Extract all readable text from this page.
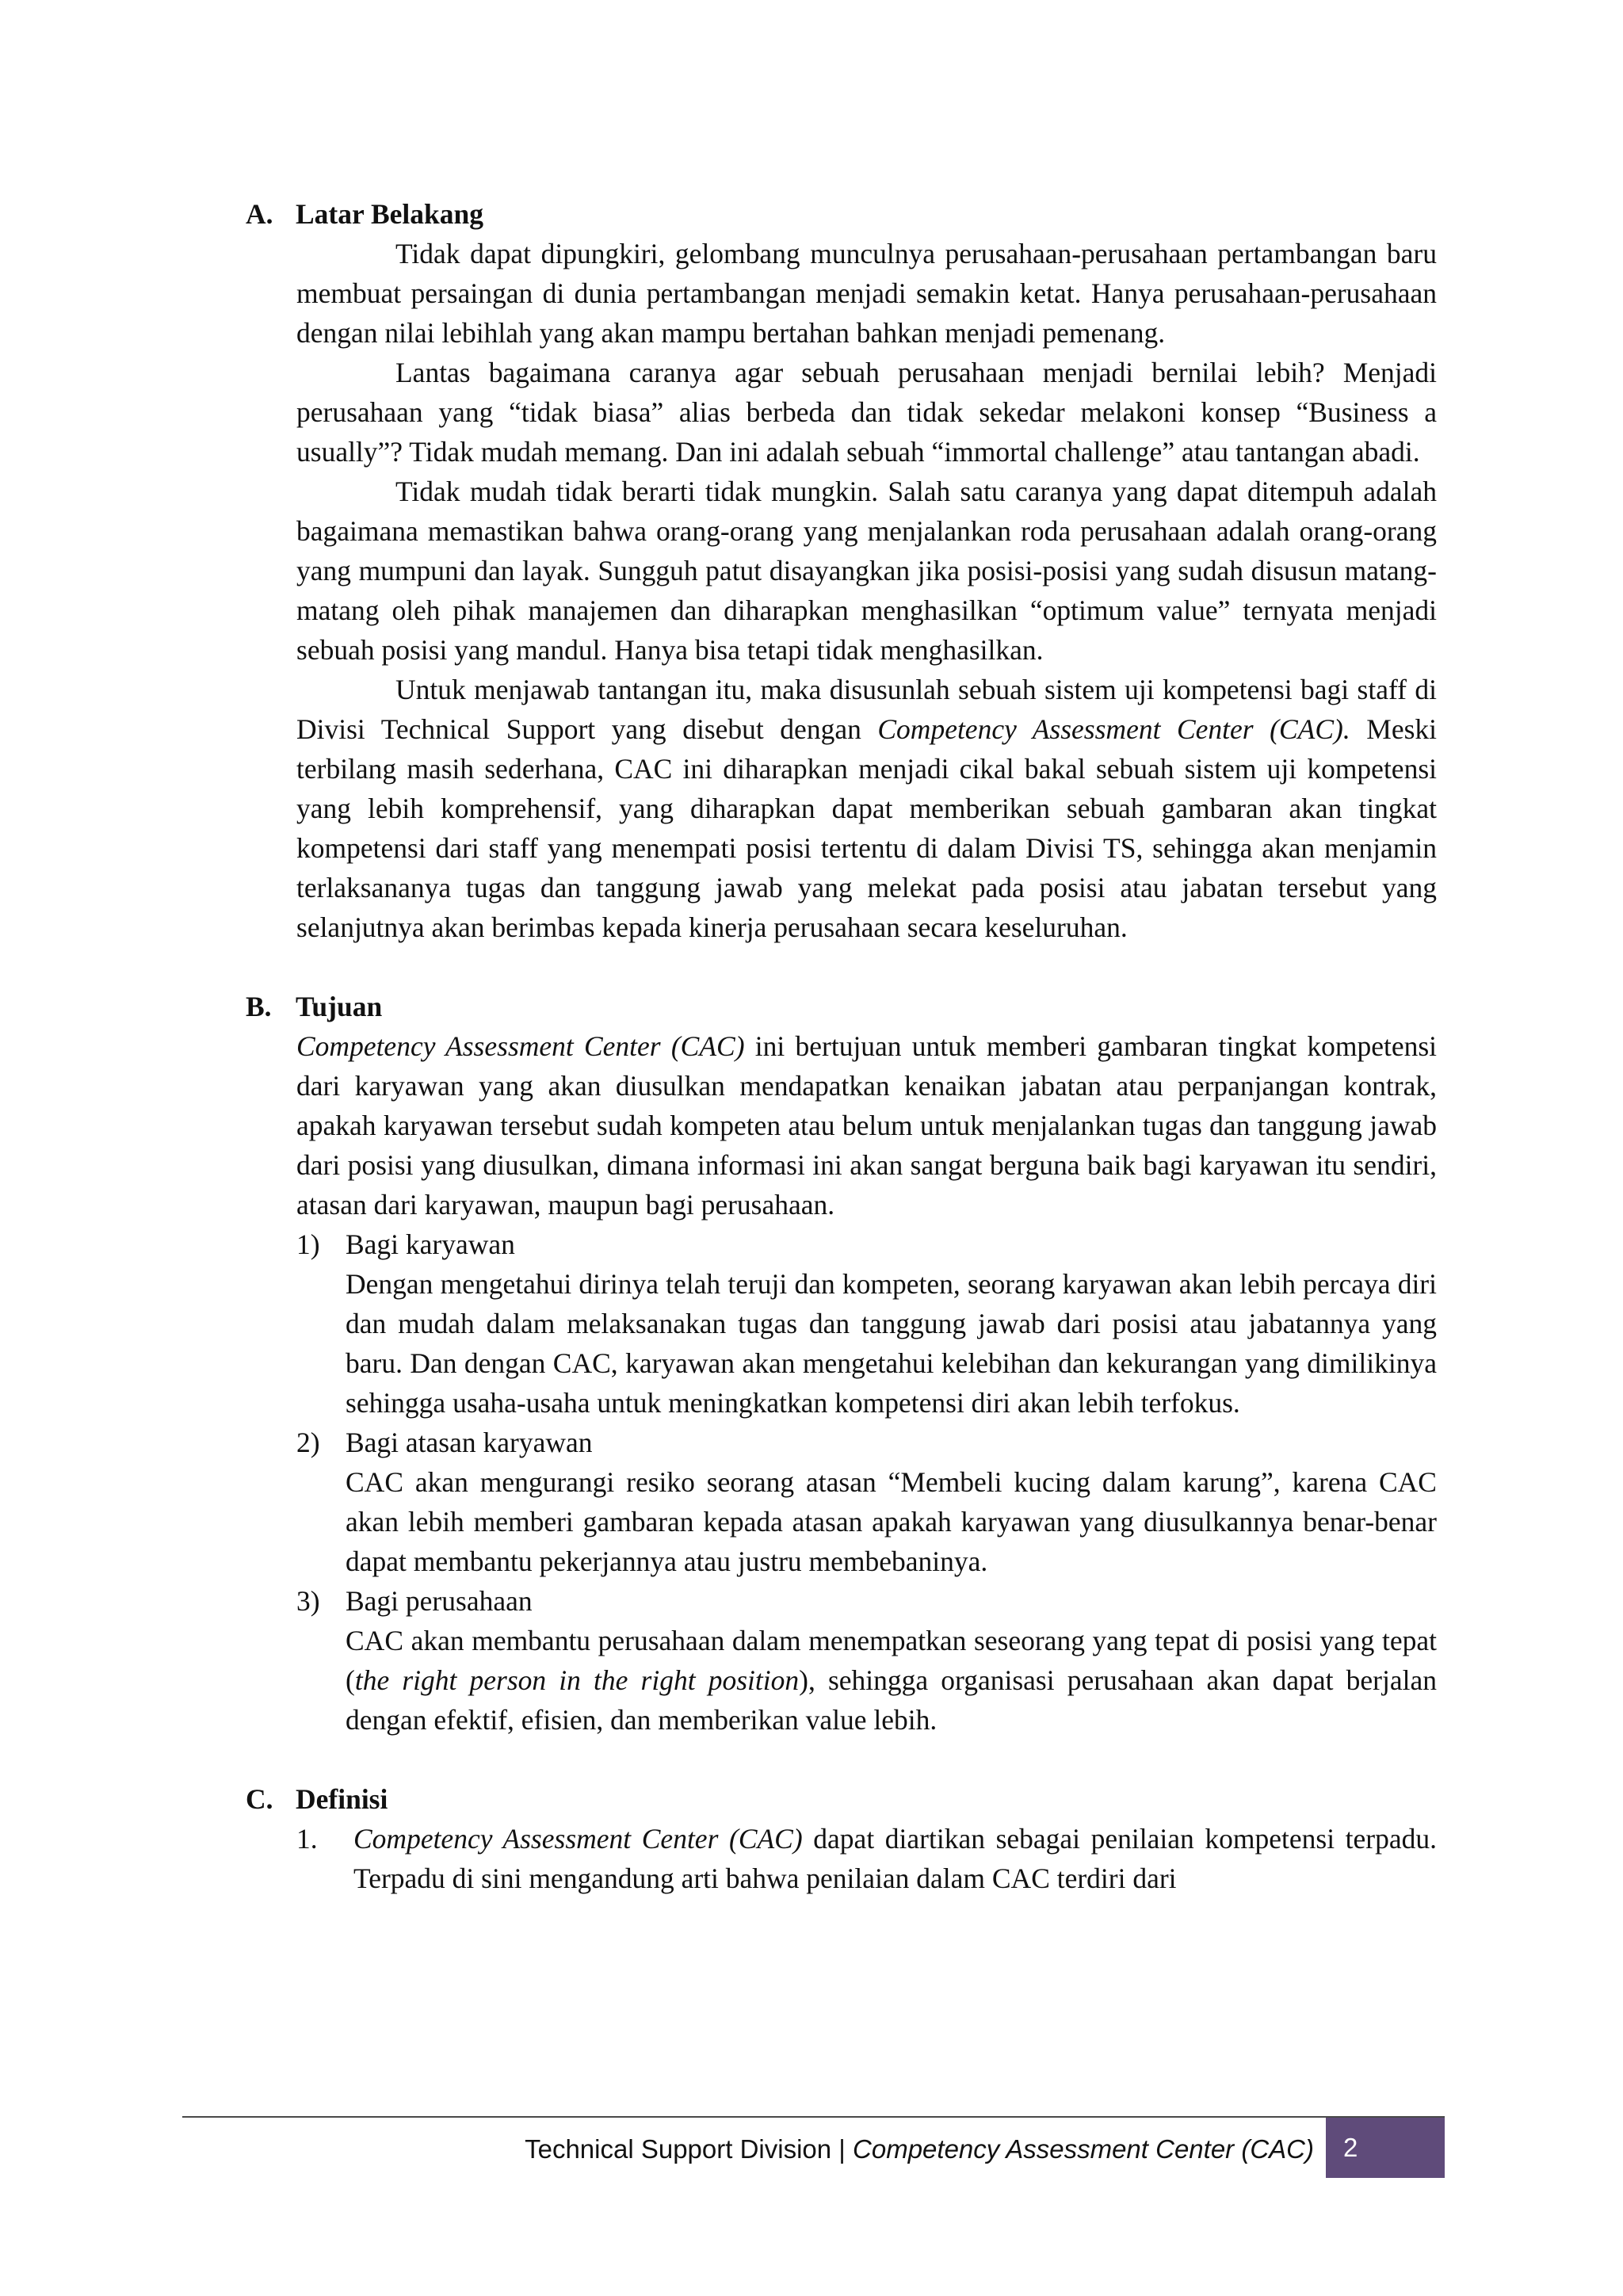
A. Latar Belakang

Tidak dapat dipungkiri, gelombang munculnya perusahaan-perusahaan pertambangan baru membuat persaingan di dunia pertambangan menjadi semakin ketat. Hanya perusahaan-perusahaan dengan nilai lebihlah yang akan mampu bertahan bahkan menjadi pemenang.

Lantas bagaimana caranya agar sebuah perusahaan menjadi bernilai lebih? Menjadi perusahaan yang “tidak biasa” alias berbeda dan tidak sekedar melakoni konsep “Business a usually”? Tidak mudah memang. Dan ini adalah sebuah “immortal challenge” atau tantangan abadi.

Tidak mudah tidak berarti tidak mungkin. Salah satu caranya yang dapat ditempuh adalah bagaimana memastikan bahwa orang-orang yang menjalankan roda perusahaan adalah orang-orang yang mumpuni dan layak. Sungguh patut disayangkan jika posisi-posisi yang sudah disusun matang-matang oleh pihak manajemen dan diharapkan menghasilkan “optimum value” ternyata menjadi sebuah posisi yang mandul. Hanya bisa tetapi tidak menghasilkan.

Untuk menjawab tantangan itu, maka disusunlah sebuah sistem uji kompetensi bagi staff di Divisi Technical Support yang disebut dengan Competency Assessment Center (CAC). Meski terbilang masih sederhana, CAC ini diharapkan menjadi cikal bakal sebuah sistem uji kompetensi yang lebih komprehensif, yang diharapkan dapat memberikan sebuah gambaran akan tingkat kompetensi dari staff yang menempati posisi tertentu di dalam Divisi TS, sehingga akan menjamin terlaksananya tugas dan tanggung jawab yang melekat pada posisi atau jabatan tersebut yang selanjutnya akan berimbas kepada kinerja perusahaan secara keseluruhan.

B. Tujuan

Competency Assessment Center (CAC) ini bertujuan untuk memberi gambaran tingkat kompetensi dari karyawan yang akan diusulkan mendapatkan kenaikan jabatan atau perpanjangan kontrak, apakah karyawan tersebut sudah kompeten atau belum untuk menjalankan tugas dan tanggung jawab dari posisi yang diusulkan, dimana informasi ini akan sangat berguna baik bagi karyawan itu sendiri, atasan dari karyawan, maupun bagi perusahaan.

1) Bagi karyawan

Dengan mengetahui dirinya telah teruji dan kompeten, seorang karyawan akan lebih percaya diri dan mudah dalam melaksanakan tugas dan tanggung jawab dari posisi atau jabatannya yang baru. Dan dengan CAC, karyawan akan mengetahui kelebihan dan kekurangan yang dimilikinya sehingga usaha-usaha untuk meningkatkan kompetensi diri akan lebih terfokus.

2) Bagi atasan karyawan

CAC akan mengurangi resiko seorang atasan “Membeli kucing dalam karung”, karena CAC akan lebih memberi gambaran kepada atasan apakah karyawan yang diusulkannya benar-benar dapat membantu pekerjannya atau justru membebaninya.

3) Bagi perusahaan

CAC akan membantu perusahaan dalam menempatkan seseorang yang tepat di posisi yang tepat (the right person in the right position), sehingga organisasi perusahaan akan dapat berjalan dengan efektif, efisien, dan memberikan value lebih.

C. Definisi
1. Competency Assessment Center (CAC) dapat diartikan sebagai penilaian kompetensi terpadu. Terpadu di sini mengandung arti bahwa penilaian dalam CAC terdiri dari

Technical Support Division | Competency Assessment Center (CAC)	2
